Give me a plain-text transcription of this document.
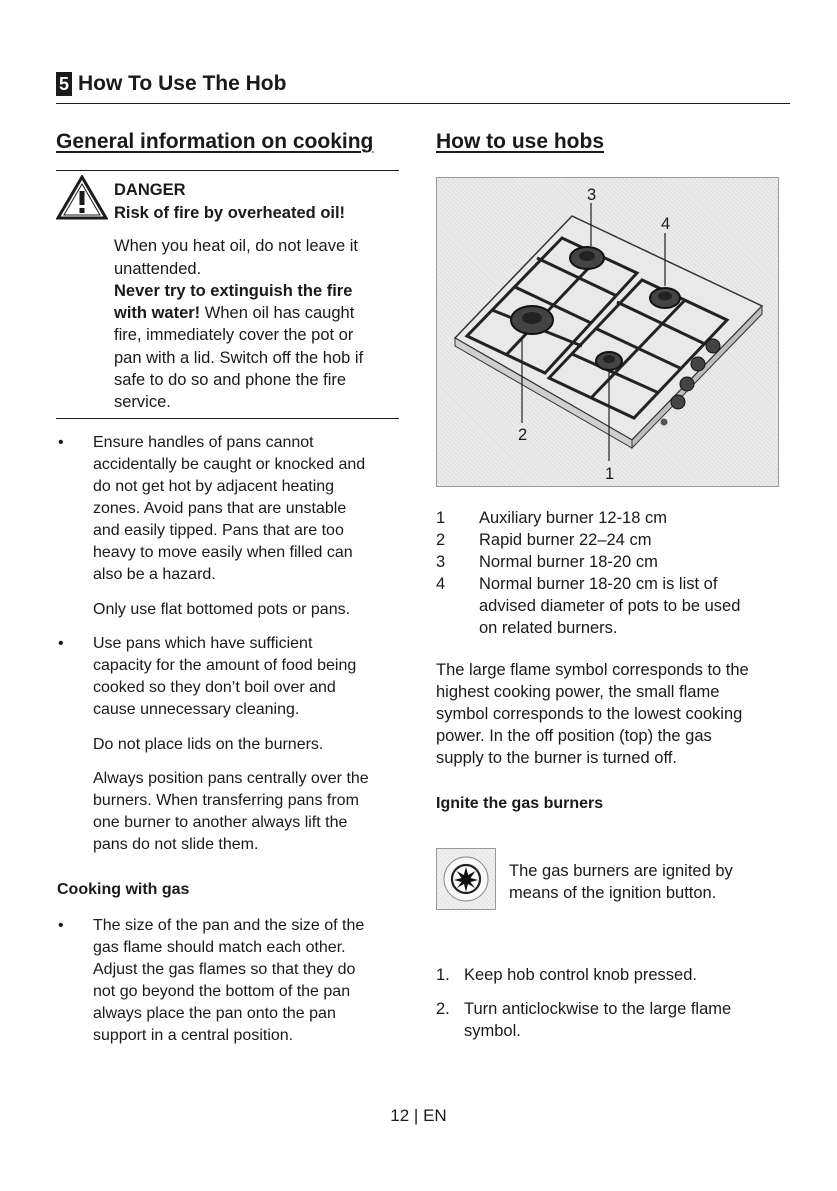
5 How To Use The Hob
General information on cooking
DANGER
Risk of fire by overheated oil!
When you heat oil, do not leave it
unattended.
Never try to extinguish the fire
with water! When oil has caught
fire, immediately cover the pot or
pan with a lid. Switch off the hob if
safe to do so and phone the fire
service.
• Ensure handles of pans cannot
accidentally be caught or knocked and
do not get hot by adjacent heating
zones. Avoid pans that are unstable
and easily tipped. Pans that are too
heavy to move easily when filled can
also be a hazard.
Only use flat bottomed pots or pans.
• Use pans which have sufficient
capacity for the amount of food being
cooked so they don’t boil over and
cause unnecessary cleaning.
Do not place lids on the burners.
Always position pans centrally over the
burners. When transferring pans from
one burner to another always lift the
pans do not slide them.
Cooking with gas
• The size of the pan and the size of the
gas flame should match each other.
Adjust the gas flames so that they do
not go beyond the bottom of the pan
always place the pan onto the pan
support in a central position.
How to use hobs
3
4
2
1
1 Auxiliary burner 12-18 cm
2 Rapid burner 22–24 cm
3 Normal burner 18-20 cm
4 Normal burner 18-20 cm is list of
advised diameter of pots to be used
on related burners.
The large flame symbol corresponds to the
highest cooking power, the small flame
symbol corresponds to the lowest cooking
power. In the off position (top) the gas
supply to the burner is turned off.
Ignite the gas burners
The gas burners are ignited by
means of the ignition button.
1. Keep hob control knob pressed.
2. Turn anticlockwise to the large flame
symbol.
12 | EN
